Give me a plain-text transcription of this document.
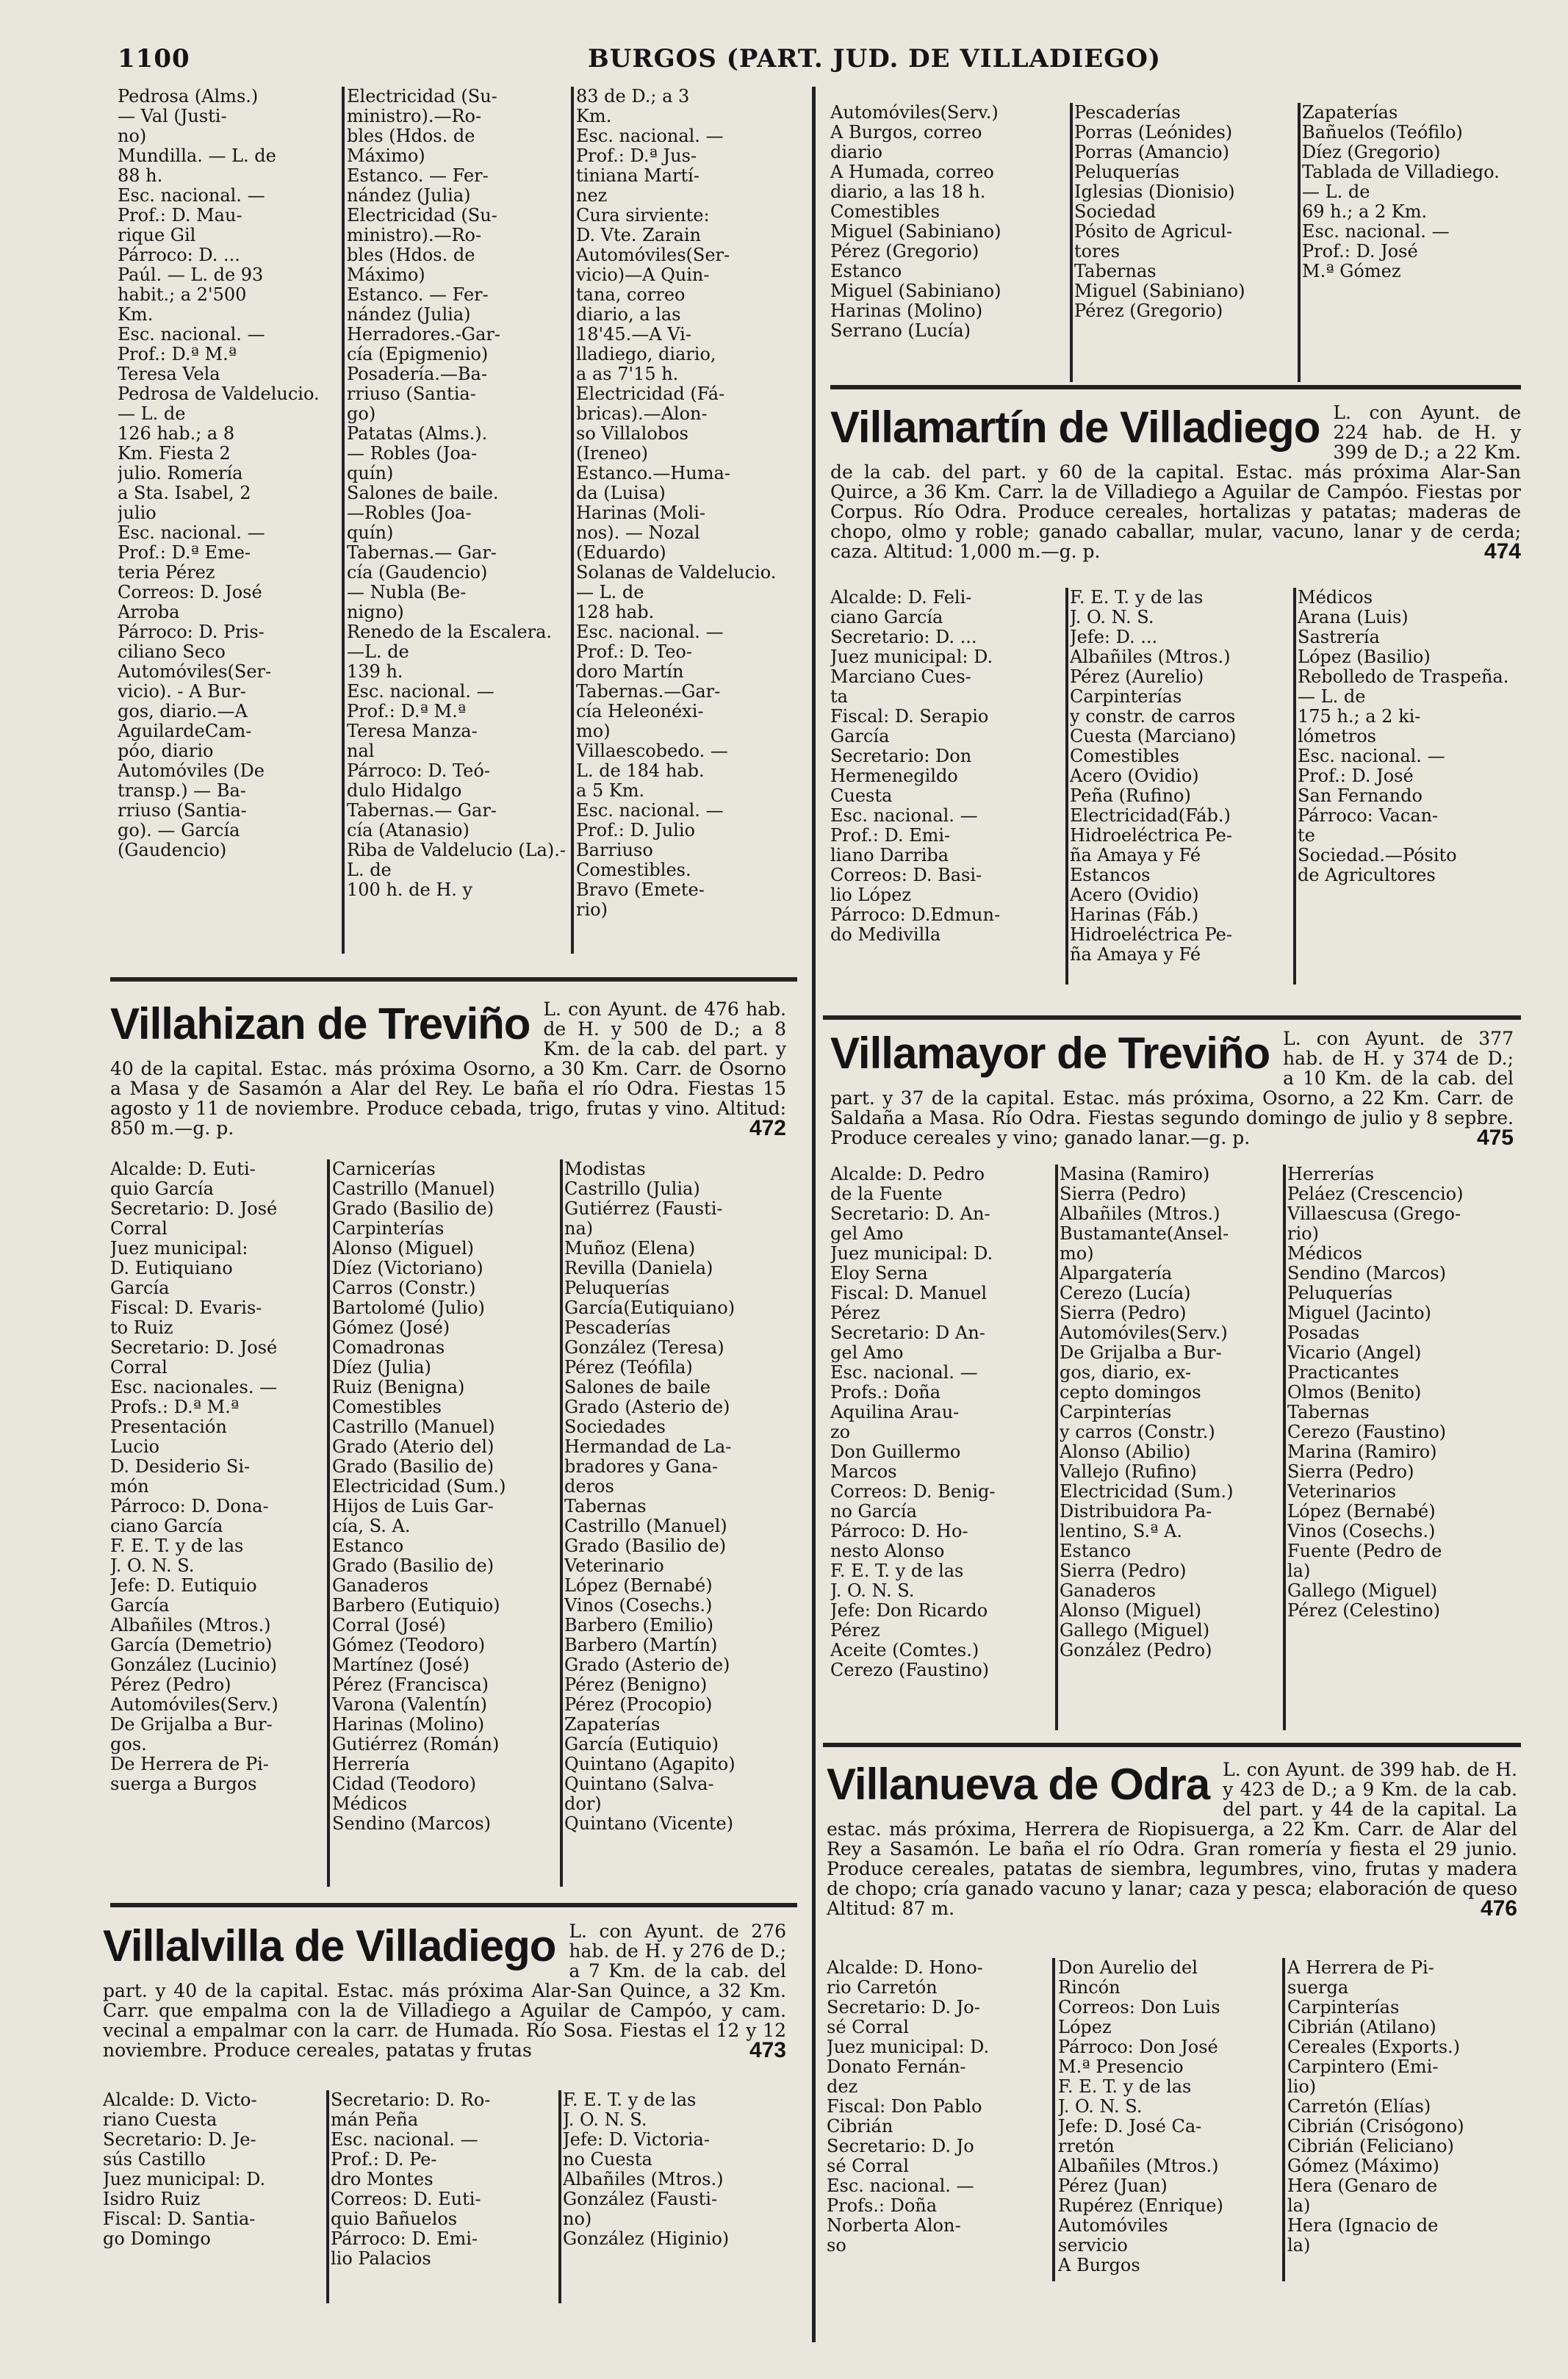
1100	BURGOS (PART. JUD. DE VILLADIEGO)
Pedrosa (Alms.)
— Val (Justi-
no)
Mundilla. — L. de
88 h.
Esc. nacional. —
Prof.: D. Mau-
rique Gil
Párroco: D. ...
Paúl. — L. de 93
habit.; a 2'500
Km.
Esc. nacional. —
Prof.: D.ª M.ª
Teresa Vela
Pedrosa de Valdelucio. — L. de
126 hab.; a 8
Km. Fiesta 2
julio. Romería
a Sta. Isabel, 2
julio
Esc. nacional. —
Prof.: D.ª Eme-
teria Pérez
Correos: D. José
Arroba
Párroco: D. Pris-
ciliano Seco
Automóviles(Ser-
vicio). - A Bur-
gos, diario.—A
AguilardeCam-
póo, diario
Automóviles (De
transp.) — Ba-
rriuso (Santia-
go). — García
(Gaudencio)
Electricidad (Su-
ministro).—Ro-
bles (Hdos. de
Máximo)
Estanco. — Fer-
nández (Julia)
Electricidad (Su-
ministro).—Ro-
bles (Hdos. de
Máximo)
Estanco. — Fer-
nández (Julia)
Herradores.-Gar-
cía (Epigmenio)
Posadería.—Ba-
rriuso (Santia-
go)
Patatas (Alms.).
— Robles (Joa-
quín)
Salones de baile.
—Robles (Joa-
quín)
Tabernas.— Gar-
cía (Gaudencio)
— Nubla (Be-
nigno)
Renedo de la Escalera.—L. de
139 h.
Esc. nacional. —
Prof.: D.ª M.ª
Teresa Manza-
nal
Párroco: D. Teó-
dulo Hidalgo
Tabernas.— Gar-
cía (Atanasio)
Riba de Valdelucio (La).-L. de
100 h. de H. y
83 de D.; a 3
Km.
Esc. nacional. —
Prof.: D.ª Jus-
tiniana Martí-
nez
Cura sirviente:
D. Vte. Zarain
Automóviles(Ser-
vicio)—A Quin-
tana, correo
diario, a las
18'45.—A Vi-
lladiego, diario,
a as 7'15 h.
Electricidad (Fá-
bricas).—Alon-
so Villalobos
(Ireneo)
Estanco.—Huma-
da (Luisa)
Harinas (Moli-
nos). — Nozal
(Eduardo)
Solanas de Valdelucio. — L. de
128 hab.
Esc. nacional. —
Prof.: D. Teo-
doro Martín
Tabernas.—Gar-
cía Heleonéxi-
mo)
Villaescobedo. —
L. de 184 hab.
a 5 Km.
Esc. nacional. —
Prof.: D. Julio
Barriuso
Comestibles.
Bravo (Emete-
rio)
Automóviles(Serv.)
A Burgos, correo
diario
A Humada, correo
diario, a las 18 h.
Comestibles
Miguel (Sabiniano)
Pérez (Gregorio)
Estanco
Miguel (Sabiniano)
Harinas (Molino)
Serrano (Lucía)
Pescaderías
Porras (Leónides)
Porras (Amancio)
Peluquerías
Iglesias (Dionisio)
Sociedad
Pósito de Agricul-
tores
Tabernas
Miguel (Sabiniano)
Pérez (Gregorio)
Zapaterías
Bañuelos (Teófilo)
Díez (Gregorio)
Tablada de Villadiego. — L. de
69 h.; a 2 Km.
Esc. nacional. —
Prof.: D. José
M.ª Gómez
Villamartín de Villadiego L. con Ayunt. de 224 hab. de H. y 399 de D.; a 22 Km. de la cab. del part. y 60 de la capital. Estac. más próxima Alar-San Quirce, a 36 Km. Carr. la de Villadiego a Aguilar de Campóo. Fiestas por Corpus. Río Odra. Produce cereales, hortalizas y patatas; maderas de chopo, olmo y roble; ganado caballar, mular, vacuno, lanar y de cerda; caza. Altitud: 1,000 m.—g. p.	474
Alcalde: D. Feli-
ciano García
Secretario: D. ...
Juez municipal: D.
Marciano Cues-
ta
Fiscal: D. Serapio
García
Secretario: Don
Hermenegildo
Cuesta
Esc. nacional. —
Prof.: D. Emi-
liano Darriba
Correos: D. Basi-
lio López
Párroco: D.Edmun-
do Medivilla
F. E. T. y de las
J. O. N. S.
Jefe: D. ...
Albañiles (Mtros.)
Pérez (Aurelio)
Carpinterías
y constr. de carros
Cuesta (Marciano)
Comestibles
Acero (Ovidio)
Peña (Rufino)
Electricidad(Fáb.)
Hidroeléctrica Pe-
ña Amaya y Fé
Estancos
Acero (Ovidio)
Harinas (Fáb.)
Hidroeléctrica Pe-
ña Amaya y Fé
Médicos
Arana (Luis)
Sastrería
López (Basilio)
Rebolledo de Traspeña. — L. de
175 h.; a 2 ki-
lómetros
Esc. nacional. —
Prof.: D. José
San Fernando
Párroco: Vacan-
te
Sociedad.—Pósito
de Agricultores
Villahizan de Treviño L. con Ayunt. de 476 hab. de H. y 500 de D.; a 8 Km. de la cab. del part. y 40 de la capital. Estac. más próxima Osorno, a 30 Km. Carr. de Osorno a Masa y de Sasamón a Alar del Rey. Le baña el río Odra. Fiestas 15 agosto y 11 de noviembre. Produce cebada, trigo, frutas y vino. Altitud: 850 m.—g. p.	472
Alcalde: D. Euti-
quio García
Secretario: D. José
Corral
Juez municipal:
D. Eutiquiano
García
Fiscal: D. Evaris-
to Ruiz
Secretario: D. José
Corral
Esc. nacionales. —
Profs.: D.ª M.ª
Presentación
Lucio
D. Desiderio Si-
món
Párroco: D. Dona-
ciano García
F. E. T. y de las
J. O. N. S.
Jefe: D. Eutiquio
García
Albañiles (Mtros.)
García (Demetrio)
González (Lucinio)
Pérez (Pedro)
Automóviles(Serv.)
De Grijalba a Bur-
gos.
De Herrera de Pi-
suerga a Burgos
Carnicerías
Castrillo (Manuel)
Grado (Basilio de)
Carpinterías
Alonso (Miguel)
Díez (Victoriano)
Carros (Constr.)
Bartolomé (Julio)
Gómez (José)
Comadronas
Díez (Julia)
Ruiz (Benigna)
Comestibles
Castrillo (Manuel)
Grado (Aterio del)
Grado (Basilio de)
Electricidad (Sum.)
Hijos de Luis Gar-
cía, S. A.
Estanco
Grado (Basilio de)
Ganaderos
Barbero (Eutiquio)
Corral (José)
Gómez (Teodoro)
Martínez (José)
Pérez (Francisca)
Varona (Valentín)
Harinas (Molino)
Gutiérrez (Román)
Herrería
Cidad (Teodoro)
Médicos
Sendino (Marcos)
Modistas
Castrillo (Julia)
Gutiérrez (Fausti-
na)
Muñoz (Elena)
Revilla (Daniela)
Peluquerías
García(Eutiquiano)
Pescaderías
González (Teresa)
Pérez (Teófila)
Salones de baile
Grado (Asterio de)
Sociedades
Hermandad de La-
bradores y Gana-
deros
Tabernas
Castrillo (Manuel)
Grado (Basilio de)
Veterinario
López (Bernabé)
Vinos (Cosechs.)
Barbero (Emilio)
Barbero (Martín)
Grado (Asterio de)
Pérez (Benigno)
Pérez (Procopio)
Zapaterías
García (Eutiquio)
Quintano (Agapito)
Quintano (Salva-
dor)
Quintano (Vicente)
Villamayor de Treviño L. con Ayunt. de 377 hab. de H. y 374 de D.; a 10 Km. de la cab. del part. y 37 de la capital. Estac. más próxima, Osorno, a 22 Km. Carr. de Saldaña a Masa. Río Odra. Fiestas segundo domingo de julio y 8 sepbre. Produce cereales y vino; ganado lanar.—g. p.	475
Alcalde: D. Pedro
de la Fuente
Secretario: D. An-
gel Amo
Juez municipal: D.
Eloy Serna
Fiscal: D. Manuel
Pérez
Secretario: D An-
gel Amo
Esc. nacional. —
Profs.: Doña
Aquilina Arau-
zo
Don Guillermo
Marcos
Correos: D. Benig-
no García
Párroco: D. Ho-
nesto Alonso
F. E. T. y de las
J. O. N. S.
Jefe: Don Ricardo
Pérez
Aceite (Comtes.)
Cerezo (Faustino)
Masina (Ramiro)
Sierra (Pedro)
Albañiles (Mtros.)
Bustamante(Ansel-
mo)
Alpargatería
Cerezo (Lucía)
Sierra (Pedro)
Automóviles(Serv.)
De Grijalba a Bur-
gos, diario, ex-
cepto domingos
Carpinterías
y carros (Constr.)
Alonso (Abilio)
Vallejo (Rufino)
Electricidad (Sum.)
Distribuidora Pa-
lentino, S.ª A.
Estanco
Sierra (Pedro)
Ganaderos
Alonso (Miguel)
Gallego (Miguel)
González (Pedro)
Herrerías
Peláez (Crescencio)
Villaescusa (Grego-
rio)
Médicos
Sendino (Marcos)
Peluquerías
Miguel (Jacinto)
Posadas
Vicario (Angel)
Practicantes
Olmos (Benito)
Tabernas
Cerezo (Faustino)
Marina (Ramiro)
Sierra (Pedro)
Veterinarios
López (Bernabé)
Vinos (Cosechs.)
Fuente (Pedro de
la)
Gallego (Miguel)
Pérez (Celestino)
Villanueva de Odra L. con Ayunt. de 399 hab. de H. y 423 de D.; a 9 Km. de la cab. del part. y 44 de la capital. La estac. más próxima, Herrera de Riopisuerga, a 22 Km. Carr. de Alar del Rey a Sasamón. Le baña el río Odra. Gran romería y fiesta el 29 junio. Produce cereales, patatas de siembra, legumbres, vino, frutas y madera de chopo; cría ganado vacuno y lanar; caza y pesca; elaboración de queso Altitud: 87 m.	476
Alcalde: D. Hono-
rio Carretón
Secretario: D. Jo-
sé Corral
Juez municipal: D.
Donato Fernán-
dez
Fiscal: Don Pablo
Cibrián
Secretario: D. Jo
sé Corral
Esc. nacional. —
Profs.: Doña
Norberta Alon-
so
Don Aurelio del
Rincón
Correos: Don Luis
López
Párroco: Don José
M.ª Presencio
F. E. T. y de las
J. O. N. S.
Jefe: D. José Ca-
rretón
Albañiles (Mtros.)
Pérez (Juan)
Rupérez (Enrique)
Automóviles
servicio
A Burgos
A Herrera de Pi-
suerga
Carpinterías
Cibrián (Atilano)
Cereales (Exports.)
Carpintero (Emi-
lio)
Carretón (Elías)
Cibrián (Crisógono)
Cibrián (Feliciano)
Gómez (Máximo)
Hera (Genaro de
la)
Hera (Ignacio de
la)
Villalvilla de Villadiego L. con Ayunt. de 276 hab. de H. y 276 de D.; a 7 Km. de la cab. del part. y 40 de la capital. Estac. más próxima Alar-San Quince, a 32 Km. Carr. que empalma con la de Villadiego a Aguilar de Campóo, y cam. vecinal a empalmar con la carr. de Humada. Río Sosa. Fiestas el 12 y 12 noviembre. Produce cereales, patatas y frutas	473
Alcalde: D. Victo-
riano Cuesta
Secretario: D. Je-
sús Castillo
Juez municipal: D.
Isidro Ruiz
Fiscal: D. Santia-
go Domingo
Secretario: D. Ro-
mán Peña
Esc. nacional. —
Prof.: D. Pe-
dro Montes
Correos: D. Euti-
quio Bañuelos
Párroco: D. Emi-
lio Palacios
F. E. T. y de las
J. O. N. S.
Jefe: D. Victoria-
no Cuesta
Albañiles (Mtros.)
González (Fausti-
no)
González (Higinio)
